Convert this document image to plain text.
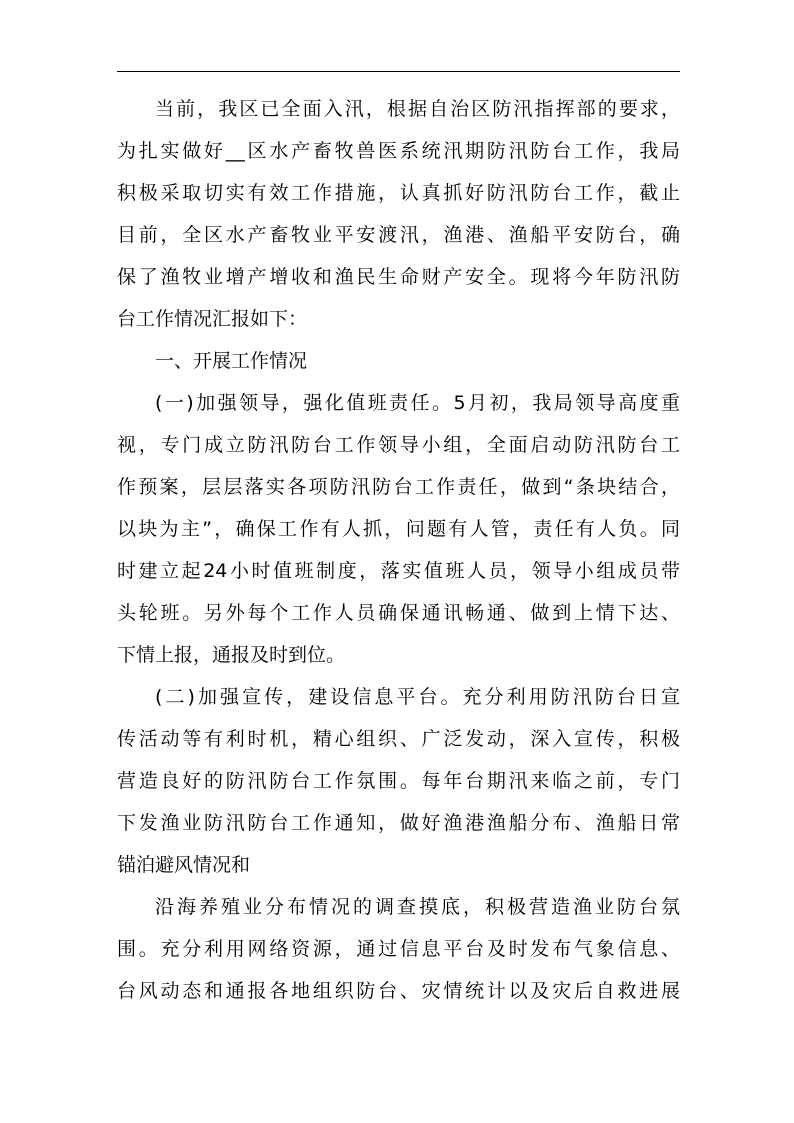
当前，我区已全面入汛，根据自治区防汛指挥部的要求，
为扎实做好__区水产畜牧兽医系统汛期防汛防台工作，我局
积极采取切实有效工作措施，认真抓好防汛防台工作，截止
目前，全区水产畜牧业平安渡汛，渔港、渔船平安防台，确
保了渔牧业增产增收和渔民生命财产安全。现将今年防汛防
台工作情况汇报如下：
一、开展工作情况
(一)加强领导，强化值班责任。5月初，我局领导高度重
视，专门成立防汛防台工作领导小组，全面启动防汛防台工
作预案，层层落实各项防汛防台工作责任，做到“条块结合，
以块为主”，确保工作有人抓，问题有人管，责任有人负。同
时建立起24小时值班制度，落实值班人员，领导小组成员带
头轮班。另外每个工作人员确保通讯畅通、做到上情下达、
下情上报，通报及时到位。
(二)加强宣传，建设信息平台。充分利用防汛防台日宣
传活动等有利时机，精心组织、广泛发动，深入宣传，积极
营造良好的防汛防台工作氛围。每年台期汛来临之前，专门
下发渔业防汛防台工作通知，做好渔港渔船分布、渔船日常
锚泊避风情况和
沿海养殖业分布情况的调查摸底，积极营造渔业防台氛
围。充分利用网络资源，通过信息平台及时发布气象信息、
台风动态和通报各地组织防台、灾情统计以及灾后自救进展
